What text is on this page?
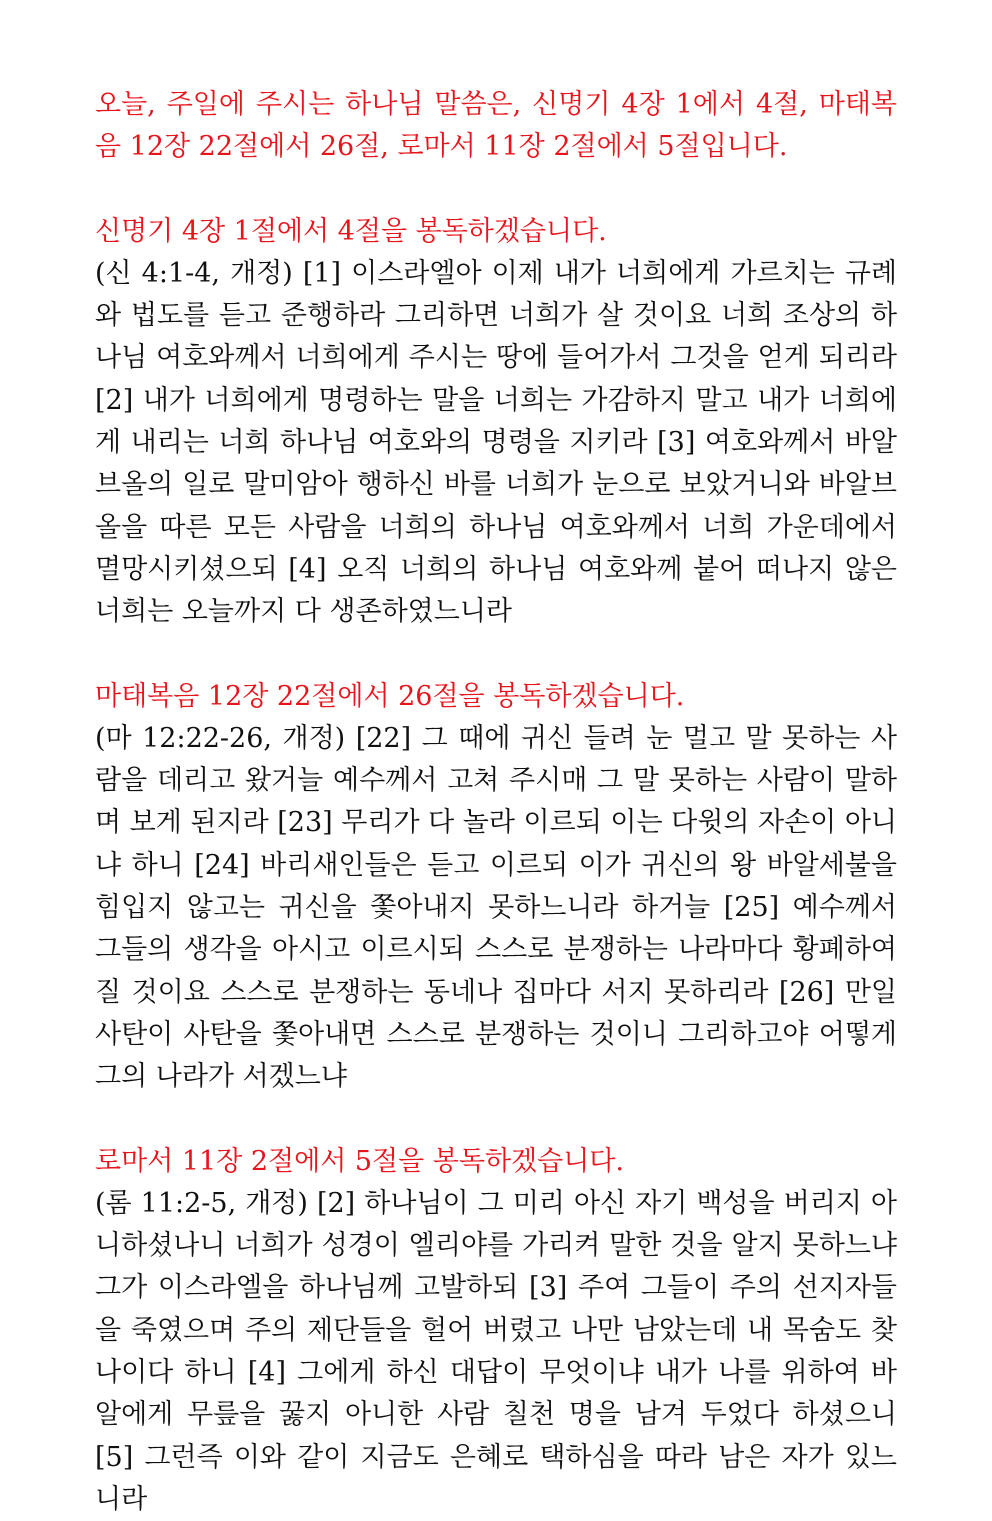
오늘, 주일에 주시는 하나님 말씀은, 신명기 4장 1에서 4절, 마태복음 12장 22절에서 26절, 로마서 11장 2절에서 5절입니다.

신명기 4장 1절에서 4절을 봉독하겠습니다.

(신 4:1-4, 개정) [1] 이스라엘아 이제 내가 너희에게 가르치는 규례와 법도를 듣고 준행하라 그리하면 너희가 살 것이요 너희 조상의 하나님 여호와께서 너희에게 주시는 땅에 들어가서 그것을 얻게 되리라 [2] 내가 너희에게 명령하는 말을 너희는 가감하지 말고 내가 너희에게 내리는 너희 하나님 여호와의 명령을 지키라 [3] 여호와께서 바알브올의 일로 말미암아 행하신 바를 너희가 눈으로 보았거니와 바알브올을 따른 모든 사람을 너희의 하나님 여호와께서 너희 가운데에서 멸망시키셨으되 [4] 오직 너희의 하나님 여호와께 붙어 떠나지 않은 너희는 오늘까지 다 생존하였느니라

마태복음 12장 22절에서 26절을 봉독하겠습니다.

(마 12:22-26, 개정) [22] 그 때에 귀신 들려 눈 멀고 말 못하는 사람을 데리고 왔거늘 예수께서 고쳐 주시매 그 말 못하는 사람이 말하며 보게 된지라 [23] 무리가 다 놀라 이르되 이는 다윗의 자손이 아니냐 하니 [24] 바리새인들은 듣고 이르되 이가 귀신의 왕 바알세불을 힘입지 않고는 귀신을 쫓아내지 못하느니라 하거늘 [25] 예수께서 그들의 생각을 아시고 이르시되 스스로 분쟁하는 나라마다 황폐하여질 것이요 스스로 분쟁하는 동네나 집마다 서지 못하리라 [26] 만일 사탄이 사탄을 쫓아내면 스스로 분쟁하는 것이니 그리하고야 어떻게 그의 나라가 서겠느냐

로마서 11장 2절에서 5절을 봉독하겠습니다.

(롬 11:2-5, 개정) [2] 하나님이 그 미리 아신 자기 백성을 버리지 아니하셨나니 너희가 성경이 엘리야를 가리켜 말한 것을 알지 못하느냐 그가 이스라엘을 하나님께 고발하되 [3] 주여 그들이 주의 선지자들을 죽였으며 주의 제단들을 헐어 버렸고 나만 남았는데 내 목숨도 찾나이다 하니 [4] 그에게 하신 대답이 무엇이냐 내가 나를 위하여 바알에게 무릎을 꿇지 아니한 사람 칠천 명을 남겨 두었다 하셨으니 [5] 그런즉 이와 같이 지금도 은혜로 택하심을 따라 남은 자가 있느니라
